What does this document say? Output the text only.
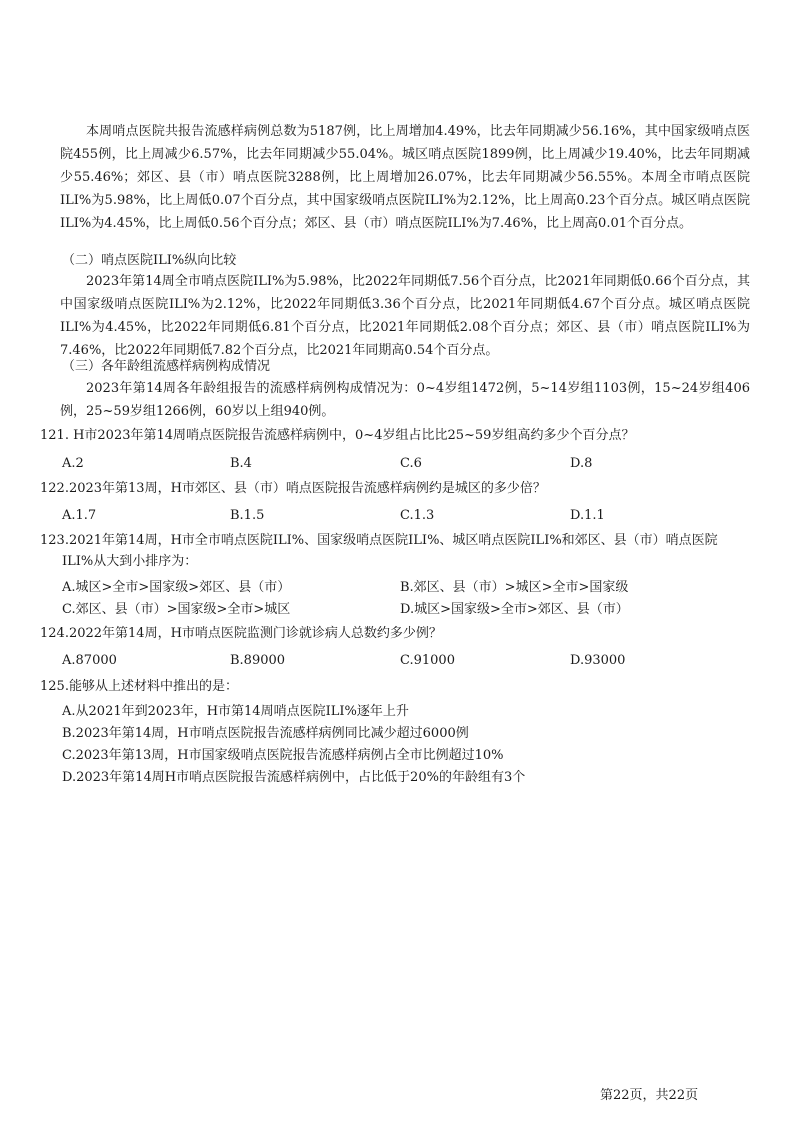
本周哨点医院共报告流感样病例总数为5187例，比上周增加4.49%，比去年同期减少56.16%，其中国家级哨点医院455例，比上周减少6.57%，比去年同期减少55.04%。城区哨点医院1899例，比上周减少19.40%，比去年同期减少55.46%；郊区、县（市）哨点医院3288例，比上周增加26.07%，比去年同期减少56.55%。本周全市哨点医院ILI%为5.98%，比上周低0.07个百分点，其中国家级哨点医院ILI%为2.12%，比上周高0.23个百分点。城区哨点医院ILI%为4.45%，比上周低0.56个百分点；郊区、县（市）哨点医院ILI%为7.46%，比上周高0.01个百分点。

（二）哨点医院ILI%纵向比较

2023年第14周全市哨点医院ILI%为5.98%，比2022年同期低7.56个百分点，比2021年同期低0.66个百分点，其中国家级哨点医院ILI%为2.12%，比2022年同期低3.36个百分点，比2021年同期低4.67个百分点。城区哨点医院ILI%为4.45%，比2022年同期低6.81个百分点，比2021年同期低2.08个百分点；郊区、县（市）哨点医院ILI%为7.46%，比2022年同期低7.82个百分点，比2021年同期高0.54个百分点。

（三）各年龄组流感样病例构成情况

2023年第14周各年龄组报告的流感样病例构成情况为：0~4岁组1472例，5~14岁组1103例，15~24岁组406例，25~59岁组1266例，60岁以上组940例。

121. H市2023年第14周哨点医院报告流感样病例中，0~4岁组占比比25~59岁组高约多少个百分点？
A.2	B.4	C.6	D.8
122.2023年第13周，H市郊区、县（市）哨点医院报告流感样病例约是城区的多少倍？
A.1.7	B.1.5	C.1.3	D.1.1
123.2021年第14周，H市全市哨点医院ILI%、国家级哨点医院ILI%、城区哨点医院ILI%和郊区、县（市）哨点医院
ILI%从大到小排序为：
A.城区>全市>国家级>郊区、县（市）	B.郊区、县（市）>城区>全市>国家级
C.郊区、县（市）>国家级>全市>城区	D.城区>国家级>全市>郊区、县（市）
124.2022年第14周，H市哨点医院监测门诊就诊病人总数约多少例？
A.87000	B.89000	C.91000	D.93000
125.能够从上述材料中推出的是：
A.从2021年到2023年，H市第14周哨点医院ILI%逐年上升
B.2023年第14周，H市哨点医院报告流感样病例同比减少超过6000例
C.2023年第13周，H市国家级哨点医院报告流感样病例占全市比例超过10%
D.2023年第14周H市哨点医院报告流感样病例中，占比低于20%的年龄组有3个
第22页，共22页
